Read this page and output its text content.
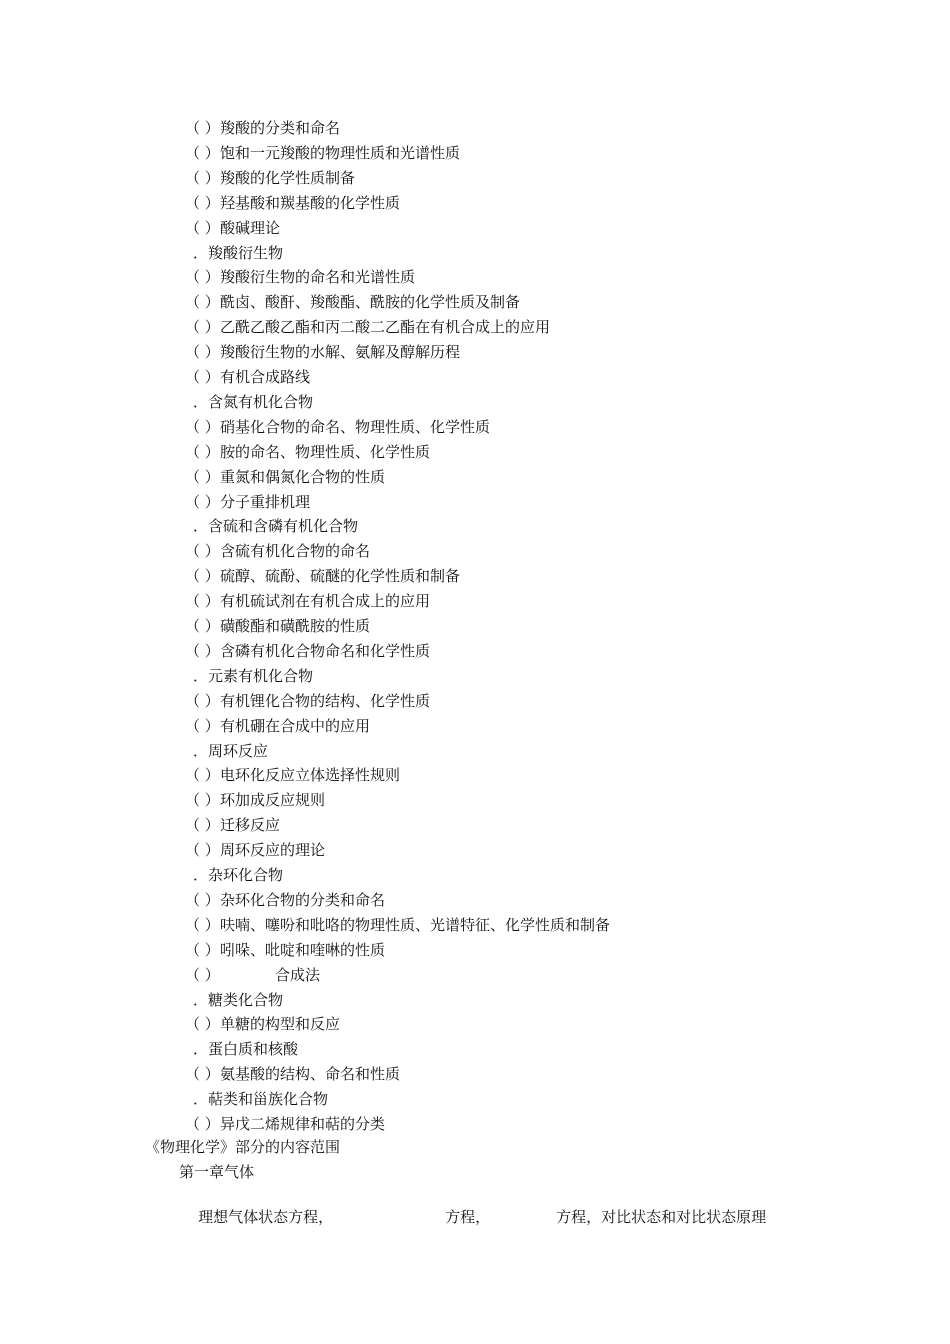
（ ）羧酸的分类和命名
（ ）饱和一元羧酸的物理性质和光谱性质
（ ）羧酸的化学性质制备
（ ）羟基酸和羰基酸的化学性质
（ ）酸碱理论
．羧酸衍生物
（ ）羧酸衍生物的命名和光谱性质
（ ）酰卤、酸酐、羧酸酯、酰胺的化学性质及制备
（ ）乙酰乙酸乙酯和丙二酸二乙酯在有机合成上的应用
（ ）羧酸衍生物的水解、氨解及醇解历程
（ ）有机合成路线
．含氮有机化合物
（ ）硝基化合物的命名、物理性质、化学性质
（ ）胺的命名、物理性质、化学性质
（ ）重氮和偶氮化合物的性质
（ ）分子重排机理
．含硫和含磷有机化合物
（ ）含硫有机化合物的命名
（ ）硫醇、硫酚、硫醚的化学性质和制备
（ ）有机硫试剂在有机合成上的应用
（ ）磺酸酯和磺酰胺的性质
（ ）含磷有机化合物命名和化学性质
．元素有机化合物
（ ）有机锂化合物的结构、化学性质
（ ）有机硼在合成中的应用
．周环反应
（ ）电环化反应立体选择性规则
（ ）环加成反应规则
（ ）迁移反应
（ ）周环反应的理论
．杂环化合物
（ ）杂环化合物的分类和命名
（ ）呋喃、噻吩和吡咯的物理性质、光谱特征、化学性质和制备
（ ）吲哚、吡啶和喹啉的性质
（ ）	合成法
．糖类化合物
（ ）单糖的构型和反应
．蛋白质和核酸
（ ）氨基酸的结构、命名和性质
．萜类和甾族化合物
（ ）异戊二烯规律和萜的分类
《物理化学》部分的内容范围
第一章气体

理想气体状态方程，	方程，	方程，对比状态和对比状态原理
